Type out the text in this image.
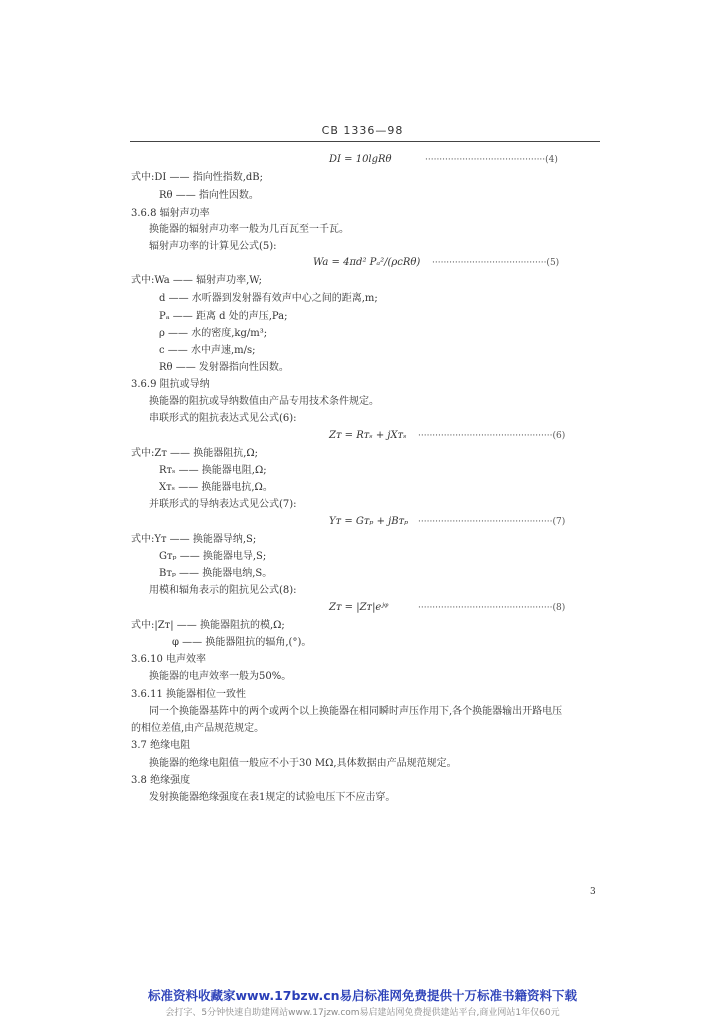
CB 1336—98
DI = 10lgRθ	··········································(4)
式中:DI —— 指向性指数,dB;
Rθ —— 指向性因数。
3.6.8 辐射声功率
换能器的辐射声功率一般为几百瓦至一千瓦。
辐射声功率的计算见公式(5):
Wa = 4πd² Pₐ²/(ρcRθ) ········································(5)
式中:Wa —— 辐射声功率,W;
d —— 水听器到发射器有效声中心之间的距离,m;
Pₐ —— 距离 d 处的声压,Pa;
ρ —— 水的密度,kg/m³;
c —— 水中声速,m/s;
Rθ —— 发射器指向性因数。
3.6.9 阻抗或导纳
换能器的阻抗或导纳数值由产品专用技术条件规定。
串联形式的阻抗表达式见公式(6):
Zᴛ = Rᴛₛ + jXᴛₛ ···············································(6)
式中:Zᴛ —— 换能器阻抗,Ω;
Rᴛₛ —— 换能器电阻,Ω;
Xᴛₛ —— 换能器电抗,Ω。
并联形式的导纳表达式见公式(7):
Yᴛ = Gᴛₚ + jBᴛₚ ···············································(7)
式中:Yᴛ —— 换能器导纳,S;
Gᴛₚ —— 换能器电导,S;
Bᴛₚ —— 换能器电纳,S。
用模和辐角表示的阻抗见公式(8):
Zᴛ = |Zᴛ|eʲᵠ	···············································(8)
式中:|Zᴛ| —— 换能器阻抗的模,Ω;
φ —— 换能器阻抗的辐角,(°)。
3.6.10 电声效率
换能器的电声效率一般为50%。
3.6.11 换能器相位一致性
同一个换能器基阵中的两个或两个以上换能器在相同瞬时声压作用下,各个换能器输出开路电压
的相位差值,由产品规范规定。
3.7 绝缘电阻
换能器的绝缘电阻值一般应不小于30 MΩ,具体数据由产品规范规定。
3.8 绝缘强度
发射换能器绝缘强度在表1规定的试验电压下不应击穿。
3
标准资料收藏家www.17bzw.cn易启标准网免费提供十万标准书籍资料下载
会打字、5分钟快速自助建网站www.17jzw.com易启建站网免费提供建站平台,商业网站1年仅60元
